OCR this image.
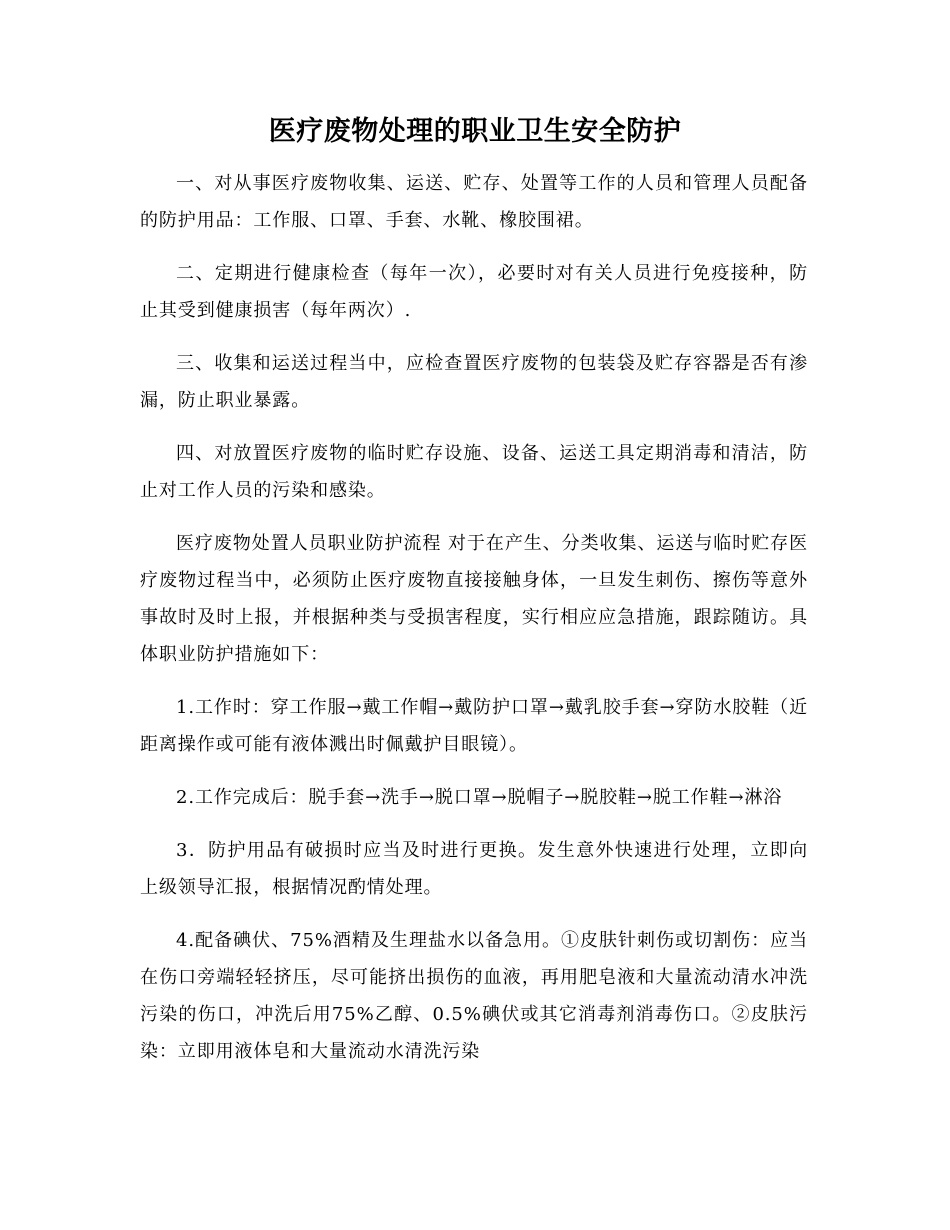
医疗废物处理的职业卫生安全防护

一、对从事医疗废物收集、运送、贮存、处置等工作的人员和管理人员配备的防护用品：工作服、口罩、手套、水靴、橡胶围裙。

二、定期进行健康检查（每年一次），必要时对有关人员进行免疫接种，防止其受到健康损害（每年两次）.

三、收集和运送过程当中，应检查置医疗废物的包装袋及贮存容器是否有渗漏，防止职业暴露。

四、对放置医疗废物的临时贮存设施、设备、运送工具定期消毒和清洁，防止对工作人员的污染和感染。

医疗废物处置人员职业防护流程 对于在产生、分类收集、运送与临时贮存医疗废物过程当中，必须防止医疗废物直接接触身体，一旦发生刺伤、擦伤等意外事故时及时上报，并根据种类与受损害程度，实行相应应急措施，跟踪随访。具体职业防护措施如下：

1.工作时：穿工作服→戴工作帽→戴防护口罩→戴乳胶手套→穿防水胶鞋（近距离操作或可能有液体溅出时佩戴护目眼镜）。

2.工作完成后：脱手套→洗手→脱口罩→脱帽子→脱胶鞋→脱工作鞋→淋浴

3．防护用品有破损时应当及时进行更换。发生意外快速进行处理，立即向上级领导汇报，根据情况酌情处理。

4.配备碘伏、75%酒精及生理盐水以备急用。①皮肤针刺伤或切割伤：应当在伤口旁端轻轻挤压，尽可能挤出损伤的血液，再用肥皂液和大量流动清水冲洗污染的伤口，冲洗后用75%乙醇、0.5%碘伏或其它消毒剂消毒伤口。②皮肤污染：立即用液体皂和大量流动水清洗污染
